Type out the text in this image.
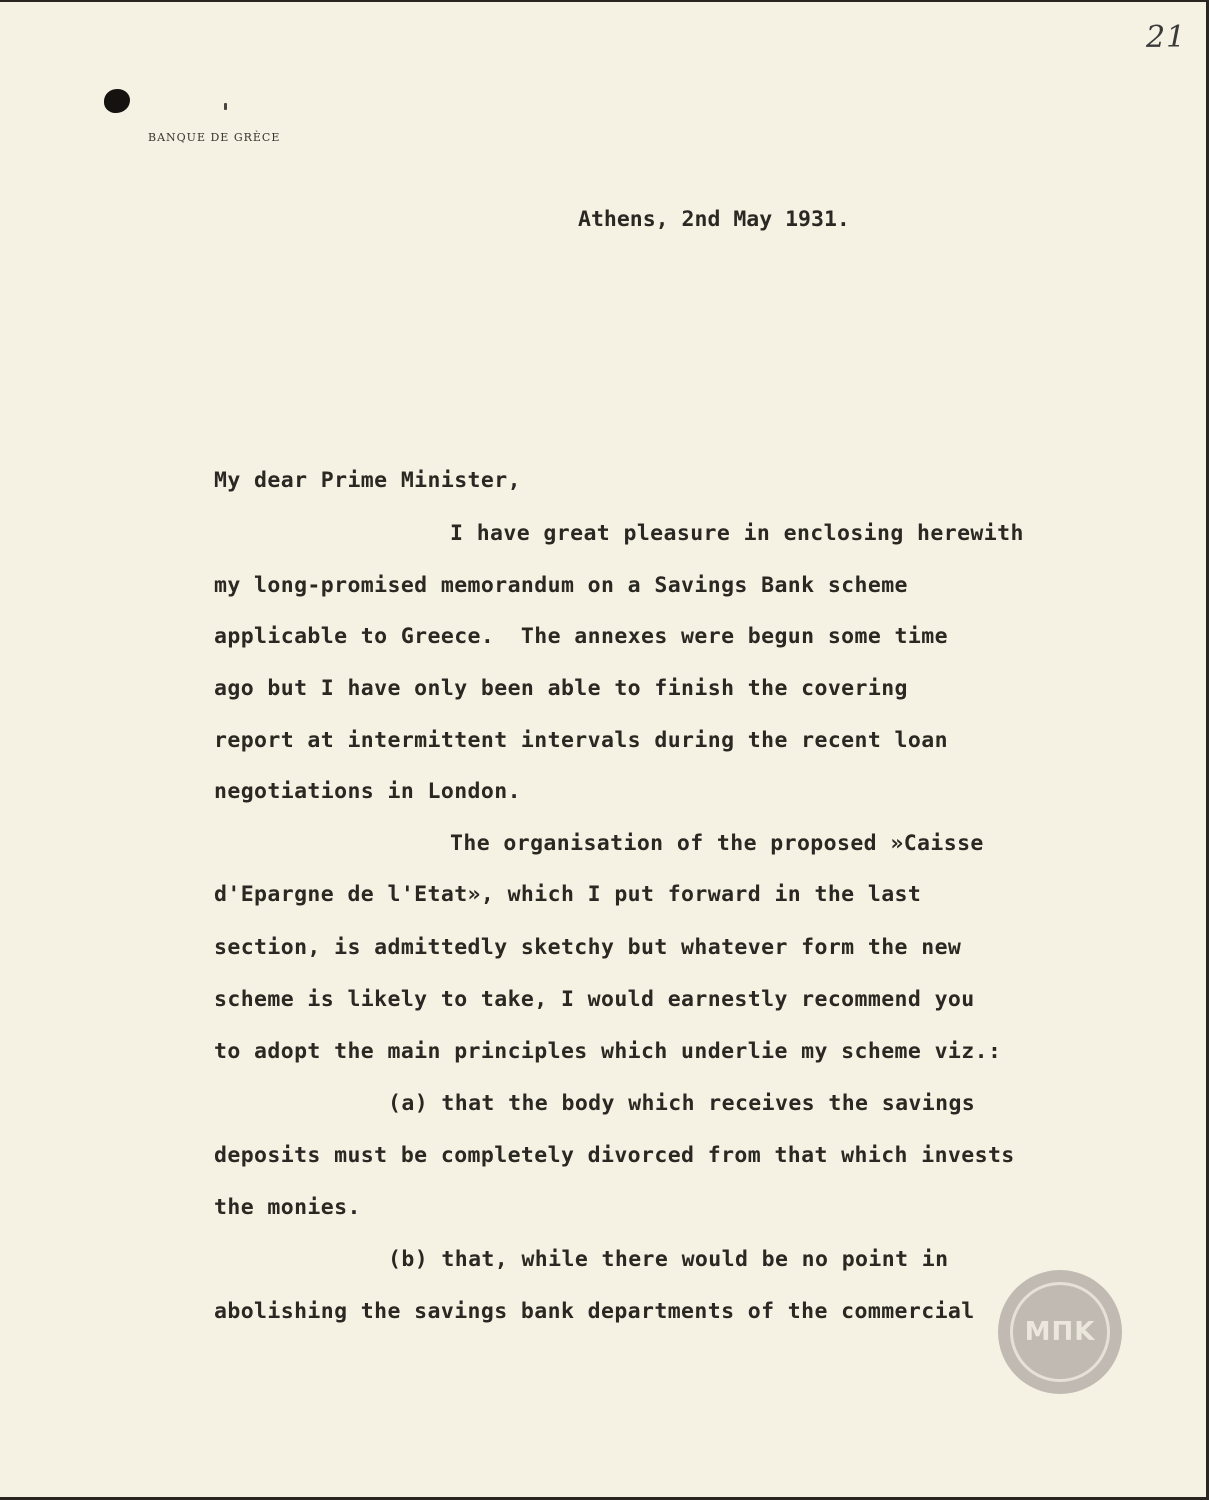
21
BANQUE DE GRÈCE
Athens, 2nd May 1931.
My dear Prime Minister,
I have great pleasure in enclosing herewith
my long-promised memorandum on a Savings Bank scheme
applicable to Greece.  The annexes were begun some time
ago but I have only been able to finish the covering
report at intermittent intervals during the recent loan
negotiations in London.
The organisation of the proposed »Caisse
d'Epargne de l'Etat», which I put forward in the last
section, is admittedly sketchy but whatever form the new
scheme is likely to take, I would earnestly recommend you
to adopt the main principles which underlie my scheme viz.:
(a) that the body which receives the savings
deposits must be completely divorced from that which invests
the monies.
(b) that, while there would be no point in
abolishing the savings bank departments of the commercial
ΜΠΚ
